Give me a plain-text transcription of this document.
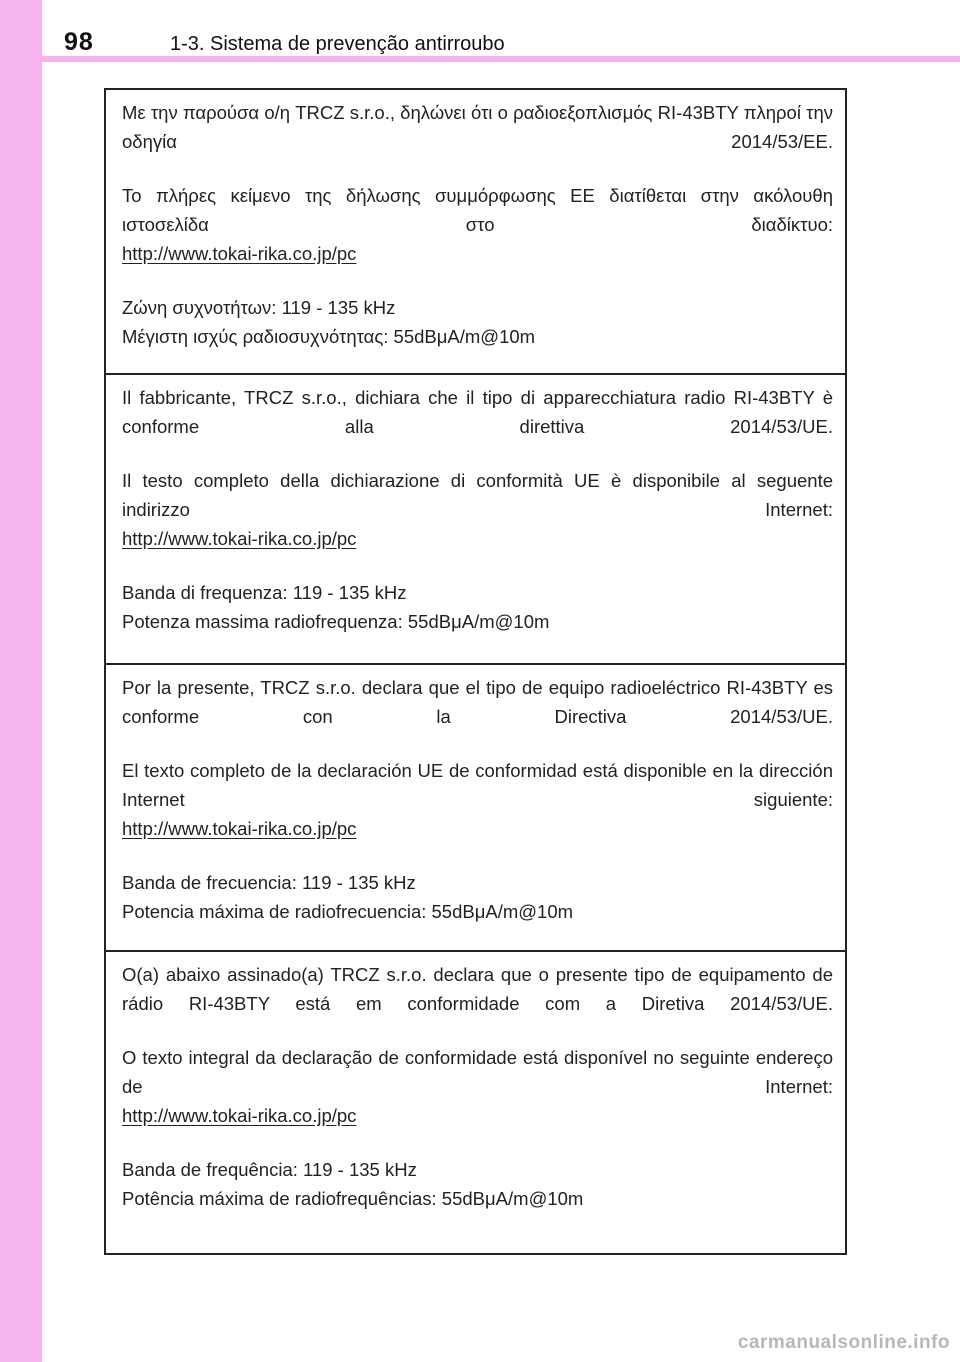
98	1-3. Sistema de prevenção antirroubo

Με την παρούσα ο/η TRCZ s.r.o., δηλώνει ότι ο ραδιοεξοπλισμός RI-43BTY πληροί την οδηγία 2014/53/ΕΕ.

Το πλήρες κείμενο της δήλωσης συμμόρφωσης ΕΕ διατίθεται στην ακόλουθη ιστοσελίδα στο διαδίκτυο:

http://www.tokai-rika.co.jp/pc

Ζώνη συχνοτήτων: 119 - 135 kHz

Μέγιστη ισχύς ραδιοσυχνότητας: 55dBμA/m@10m

Il fabbricante, TRCZ s.r.o., dichiara che il tipo di apparecchiatura radio RI-43BTY è conforme alla direttiva 2014/53/UE.

Il testo completo della dichiarazione di conformità UE è disponibile al seguente indirizzo Internet:

http://www.tokai-rika.co.jp/pc

Banda di frequenza: 119 - 135 kHz

Potenza massima radiofrequenza: 55dBμA/m@10m

Por la presente, TRCZ s.r.o. declara que el tipo de equipo radioeléctrico RI-43BTY es conforme con la Directiva 2014/53/UE.

El texto completo de la declaración UE de conformidad está disponible en la dirección Internet siguiente:

http://www.tokai-rika.co.jp/pc

Banda de frecuencia: 119 - 135 kHz

Potencia máxima de radiofrecuencia: 55dBμA/m@10m

O(a) abaixo assinado(a) TRCZ s.r.o. declara que o presente tipo de equipamento de rádio RI-43BTY está em conformidade com a Diretiva 2014/53/UE.

O texto integral da declaração de conformidade está disponível no seguinte endereço de Internet:

http://www.tokai-rika.co.jp/pc

Banda de frequência: 119 - 135 kHz

Potência máxima de radiofrequências: 55dBμA/m@10m

carmanualsonline.info
